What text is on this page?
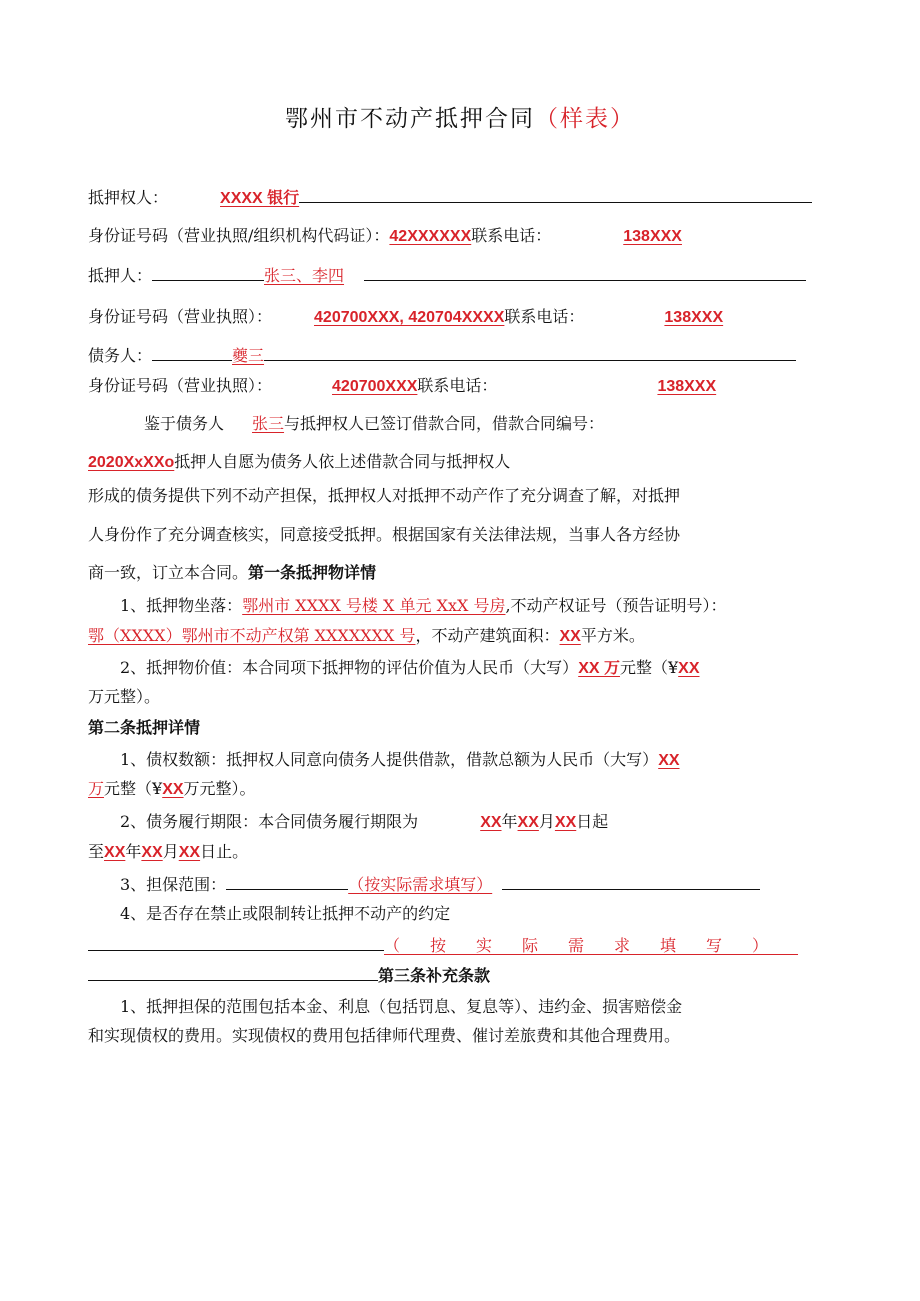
鄂州市不动产抵押合同（样表）
抵押权人：	XXXX 银行
身份证号码（营业执照/组织机构代码证）：42XXXXXX联系电话：	138XXX
抵押人：	张三、李四
身份证号码（营业执照）：	420700XXX, 420704XXXX联系电话：	138XXX
债务人：	夔三
身份证号码（营业执照）：	420700XXX联系电话：	138XXX
鉴于债务人 张三与抵押权人已签订借款合同，借款合同编号：
2020XxXXo抵押人自愿为债务人依上述借款合同与抵押权人
形成的债务提供下列不动产担保，抵押权人对抵押不动产作了充分调查了解，对抵押
人身份作了充分调查核实，同意接受抵押。根据国家有关法律法规，当事人各方经协
商一致，订立本合同。第一条抵押物详情
1、抵押物坐落：鄂州市 XXXX 号楼 X 单元 XxX 号房,不动产权证号（预告证明号）：
鄂（XXXX）鄂州市不动产权第 XXXXXXX 号，不动产建筑面积：XX平方米。
2、抵押物价值：本合同项下抵押物的评估价值为人民币（大写）XX 万元整（¥XX
万元整）。
第二条抵押详情
1、债权数额：抵押权人同意向债务人提供借款，借款总额为人民币（大写）XX
万元整（¥XX万元整）。
2、债务履行期限：本合同债务履行期限为	XX年XX月XX日起
至XX年XX月XX日止。
3、担保范围：	（按实际需求填写）
4、是否存在禁止或限制转让抵押不动产的约定
（按实际需求填写）
第三条补充条款
1、抵押担保的范围包括本金、利息（包括罚息、复息等）、违约金、损害赔偿金
和实现债权的费用。实现债权的费用包括律师代理费、催讨差旅费和其他合理费用。
